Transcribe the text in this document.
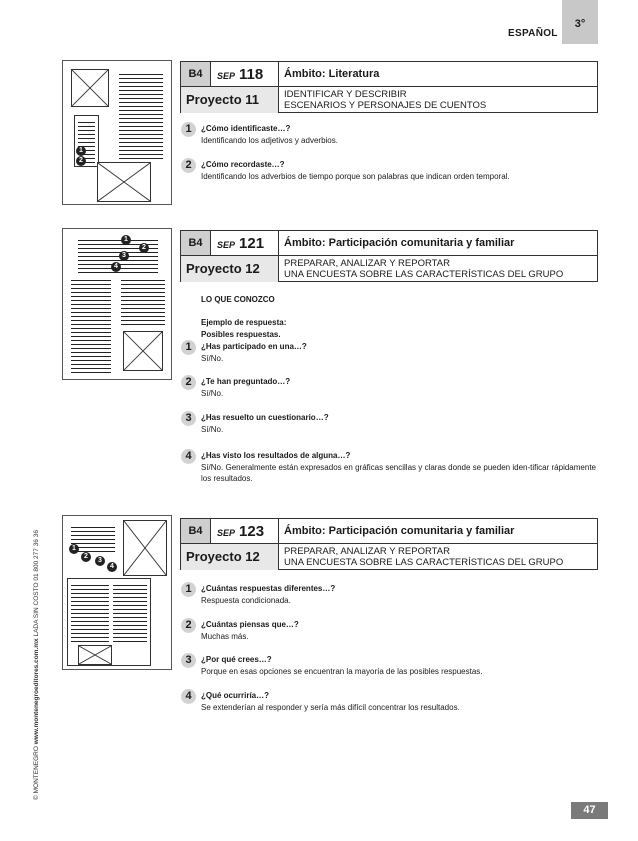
ESPAÑOL
3°
© MONTENEGRO www.montenegroeditores.com.mx LADA SIN COSTO 01 800 277 36 36
1
2
1
2
3
4
1
2
3
4
B4	SEP 118	Ámbito: Literatura
Proyecto 11	IDENTIFICAR Y DESCRIBIR
ESCENARIOS Y PERSONAJES DE CUENTOS
1	¿Cómo identificaste…?
Identificando los adjetivos y adverbios.
2	¿Cómo recordaste…?
Identificando los adverbios de tiempo porque son palabras que indican orden temporal.
B4	SEP 121	Ámbito: Participación comunitaria y familiar
Proyecto 12	PREPARAR, ANALIZAR Y REPORTAR
UNA ENCUESTA SOBRE LAS CARACTERÍSTICAS DEL GRUPO
LO QUE CONOZCO
Ejemplo de respuesta:
Posibles respuestas.
1	¿Has participado en una…?
Sí/No.
2	¿Te han preguntado…?
Sí/No.
3	¿Has resuelto un cuestionario…?
Sí/No.
4	¿Has visto los resultados de alguna…?
Sí/No. Generalmente están expresados en gráficas sencillas y claras donde se pueden iden-tificar rápidamente los resultados.
B4	SEP 123	Ámbito: Participación comunitaria y familiar
Proyecto 12	PREPARAR, ANALIZAR Y REPORTAR
UNA ENCUESTA SOBRE LAS CARACTERÍSTICAS DEL GRUPO
1	¿Cuántas respuestas diferentes…?
Respuesta condicionada.
2	¿Cuántas piensas que…?
Muchas más.
3	¿Por qué crees…?
Porque en esas opciones se encuentran la mayoría de las posibles respuestas.
4	¿Qué ocurriría…?
Se extenderían al responder y sería más difícil concentrar los resultados.
47
